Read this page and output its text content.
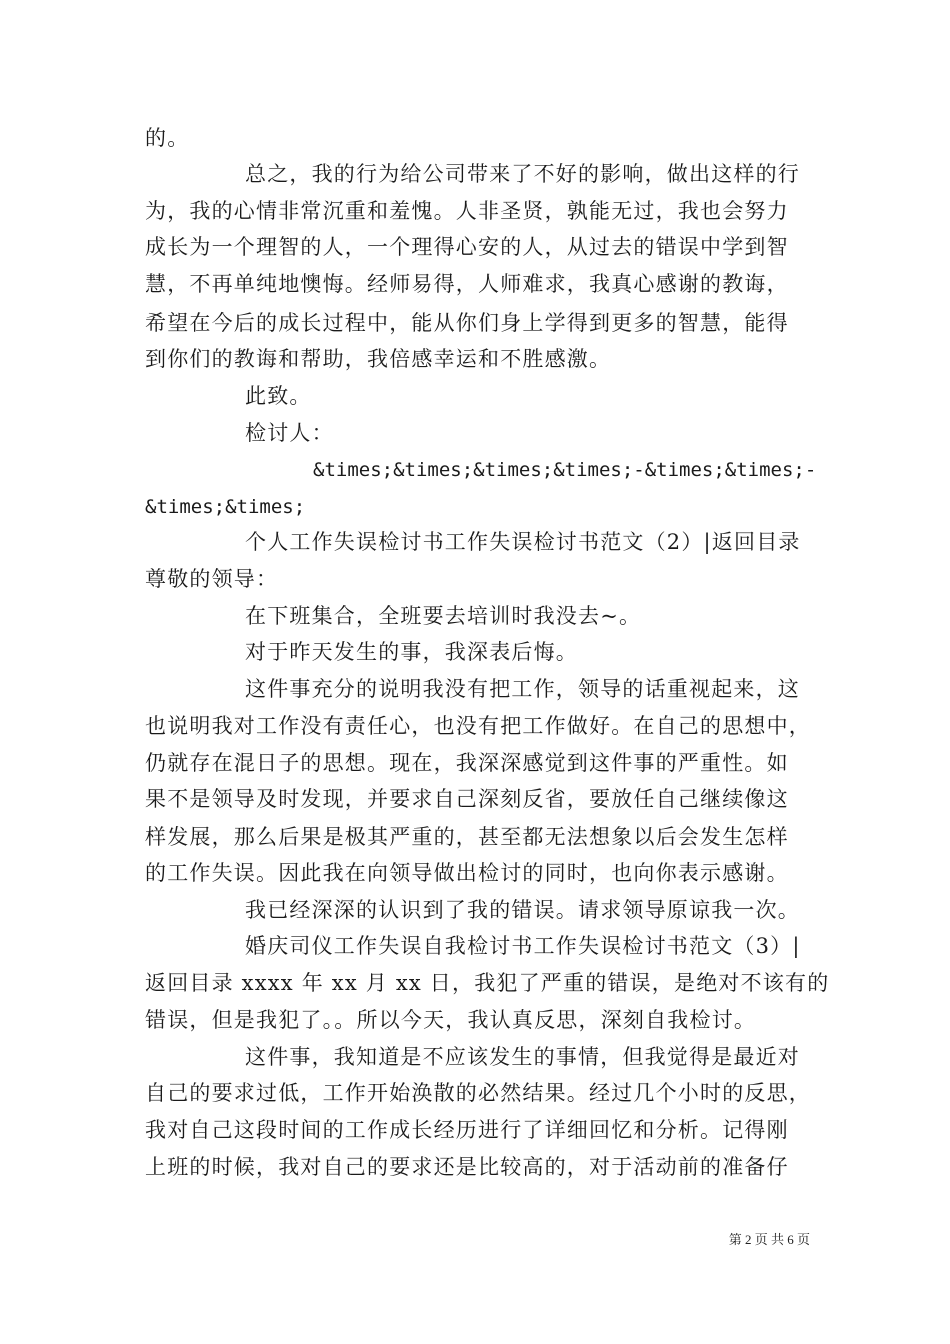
的。
总之，我的行为给公司带来了不好的影响，做出这样的行
为，我的心情非常沉重和羞愧。人非圣贤，孰能无过，我也会努力
成长为一个理智的人，一个理得心安的人，从过去的错误中学到智
慧，不再单纯地懊悔。经师易得，人师难求，我真心感谢的教诲，
希望在今后的成长过程中，能从你们身上学得到更多的智慧，能得
到你们的教诲和帮助，我倍感幸运和不胜感激。
此致。
检讨人：
&times;&times;&times;&times;-&times;&times;-
&times;&times;
个人工作失误检讨书工作失误检讨书范文（2）|返回目录
尊敬的领导：
在下班集合，全班要去培训时我没去~。
对于昨天发生的事，我深表后悔。
这件事充分的说明我没有把工作，领导的话重视起来，这
也说明我对工作没有责任心，也没有把工作做好。在自己的思想中，
仍就存在混日子的思想。现在，我深深感觉到这件事的严重性。如
果不是领导及时发现，并要求自己深刻反省，要放任自己继续像这
样发展，那么后果是极其严重的，甚至都无法想象以后会发生怎样
的工作失误。因此我在向领导做出检讨的同时，也向你表示感谢。
我已经深深的认识到了我的错误。请求领导原谅我一次。
婚庆司仪工作失误自我检讨书工作失误检讨书范文（3）|
返回目录 xxxx 年 xx 月 xx 日，我犯了严重的错误，是绝对不该有的
错误，但是我犯了。。所以今天，我认真反思，深刻自我检讨。
这件事，我知道是不应该发生的事情，但我觉得是最近对
自己的要求过低，工作开始涣散的必然结果。经过几个小时的反思，
我对自己这段时间的工作成长经历进行了详细回忆和分析。记得刚
上班的时候，我对自己的要求还是比较高的，对于活动前的准备仔
第 2 页 共 6 页
